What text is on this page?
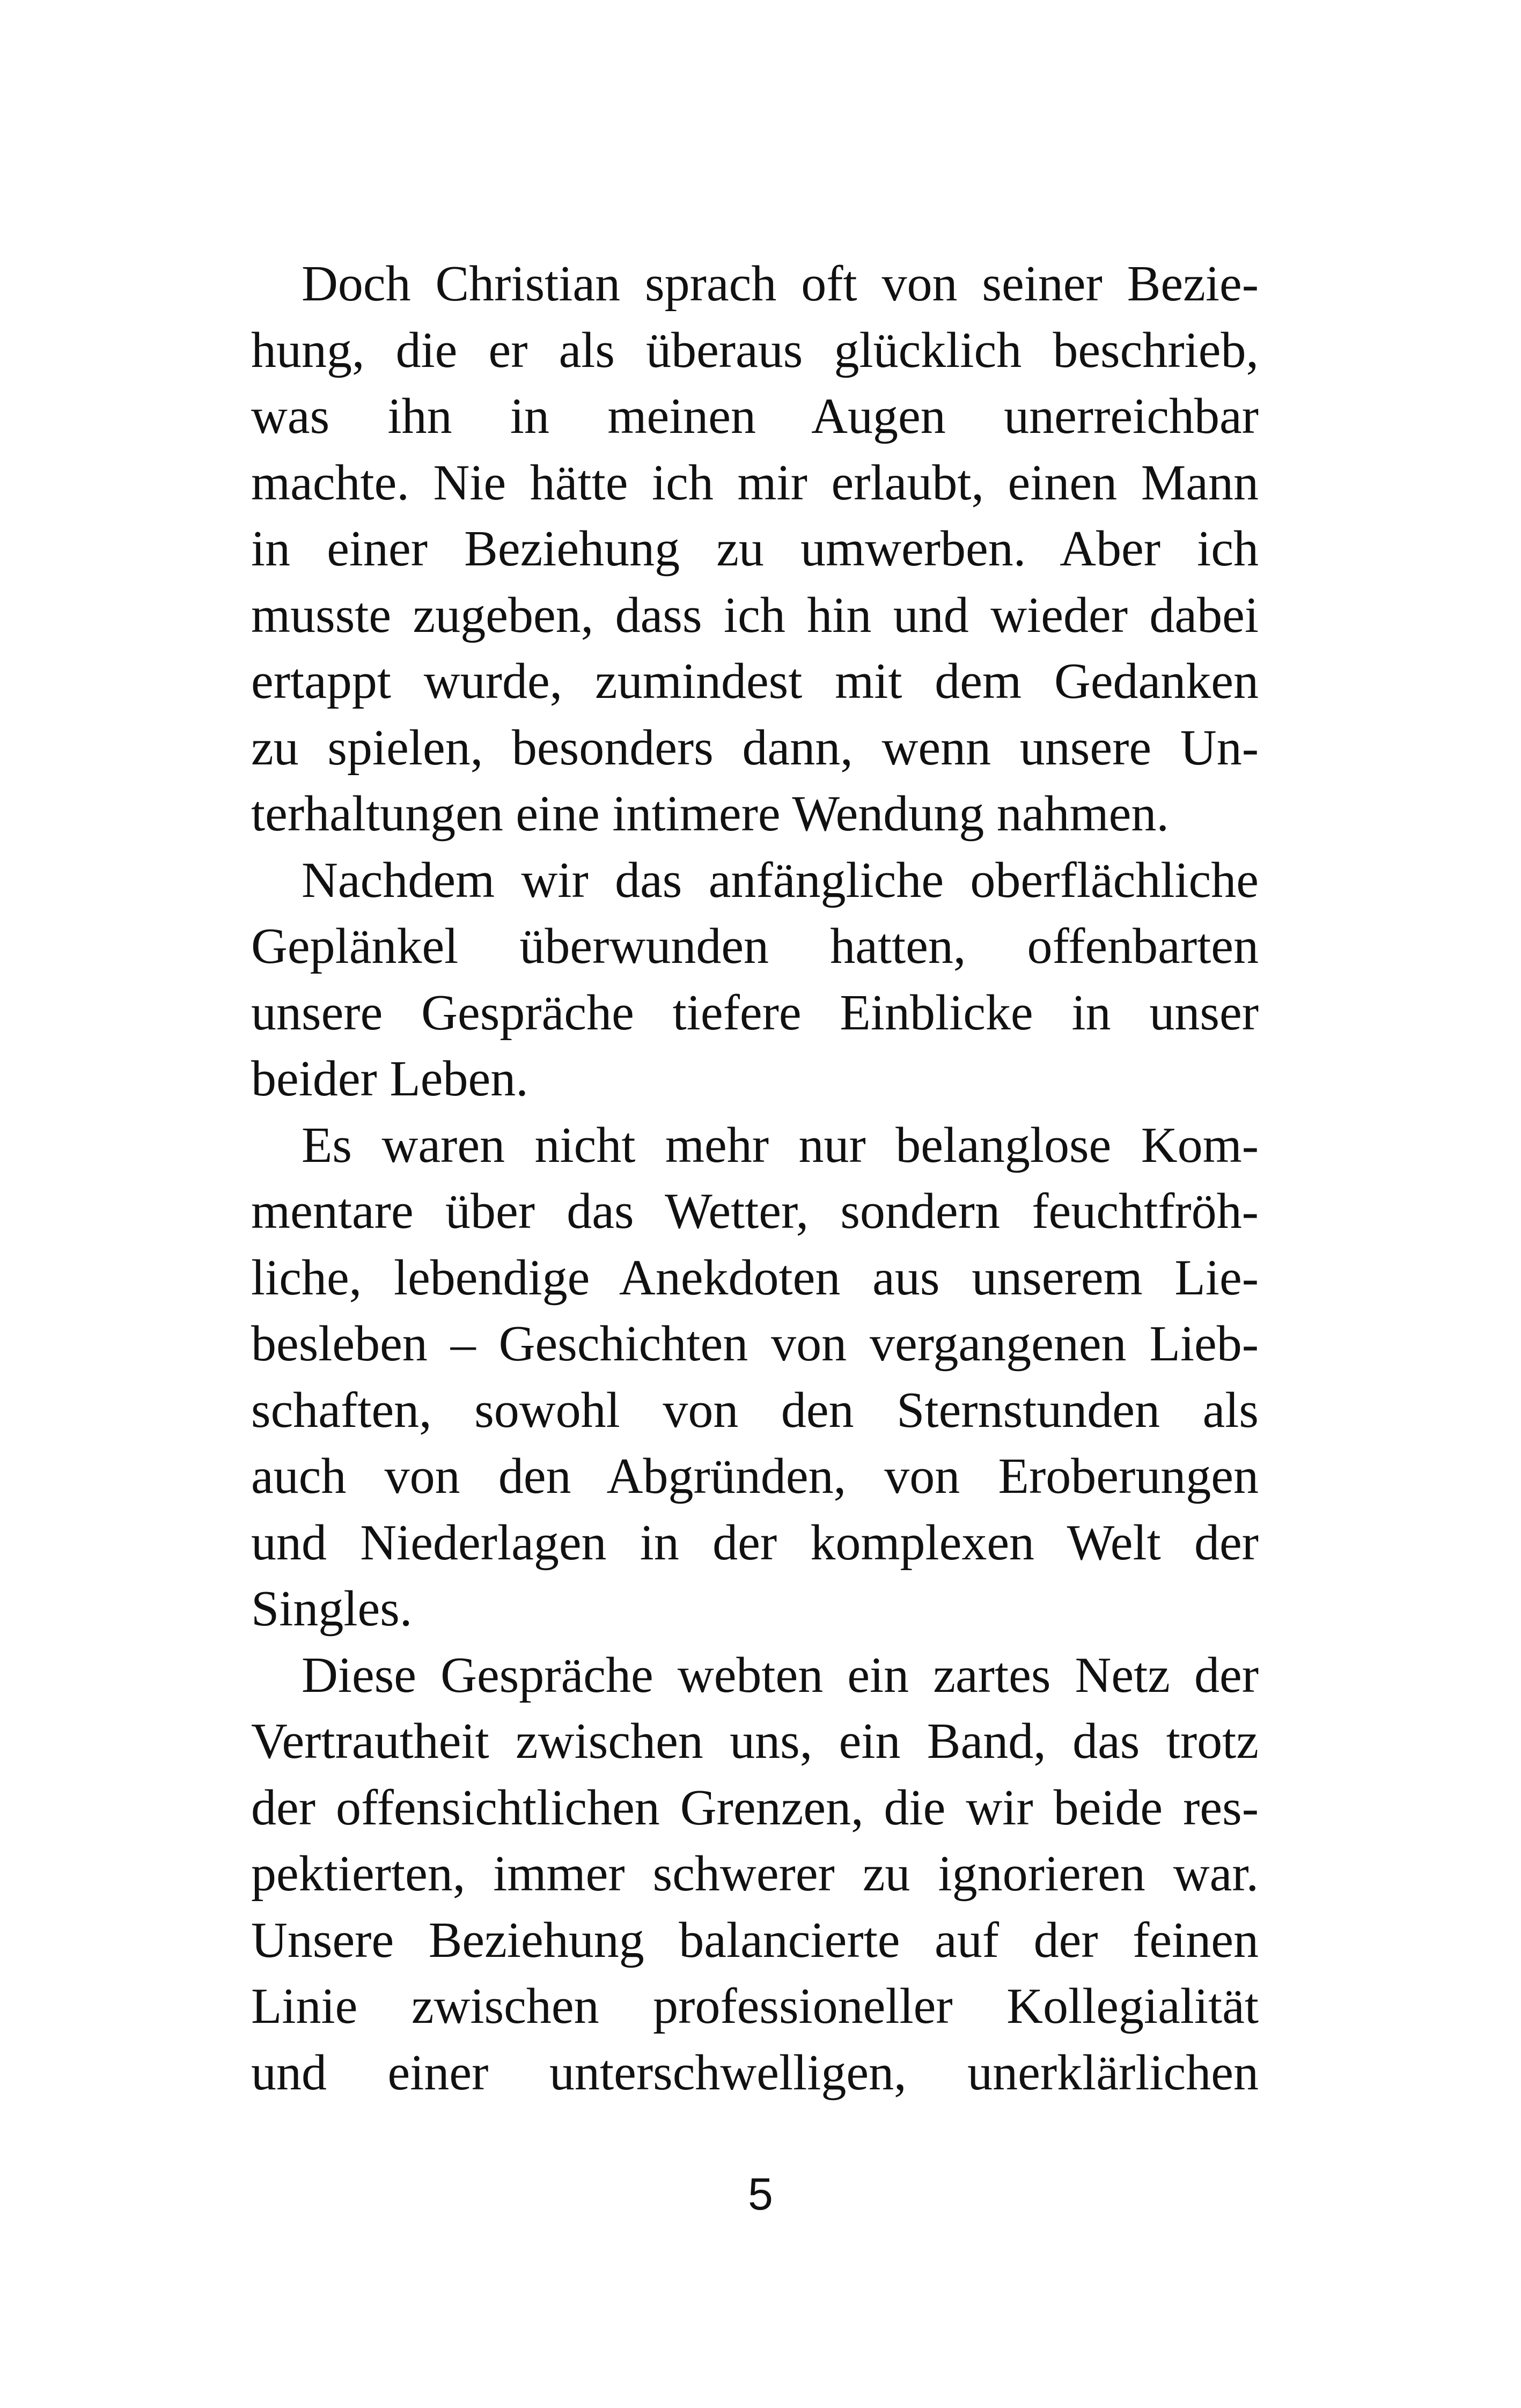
Doch Christian sprach oft von seiner Bezie-
hung, die er als überaus glücklich beschrieb,
was ihn in meinen Augen unerreichbar
machte. Nie hätte ich mir erlaubt, einen Mann
in einer Beziehung zu umwerben. Aber ich
musste zugeben, dass ich hin und wieder dabei
ertappt wurde, zumindest mit dem Gedanken
zu spielen, besonders dann, wenn unsere Un-
terhaltungen eine intimere Wendung nahmen.
Nachdem wir das anfängliche oberflächliche
Geplänkel überwunden hatten, offenbarten
unsere Gespräche tiefere Einblicke in unser
beider Leben.
Es waren nicht mehr nur belanglose Kom-
mentare über das Wetter, sondern feuchtfröh-
liche, lebendige Anekdoten aus unserem Lie-
besleben – Geschichten von vergangenen Lieb-
schaften, sowohl von den Sternstunden als
auch von den Abgründen, von Eroberungen
und Niederlagen in der komplexen Welt der
Singles.
Diese Gespräche webten ein zartes Netz der
Vertrautheit zwischen uns, ein Band, das trotz
der offensichtlichen Grenzen, die wir beide res-
pektierten, immer schwerer zu ignorieren war.
Unsere Beziehung balancierte auf der feinen
Linie zwischen professioneller Kollegialität
und einer unterschwelligen, unerklärlichen
5
